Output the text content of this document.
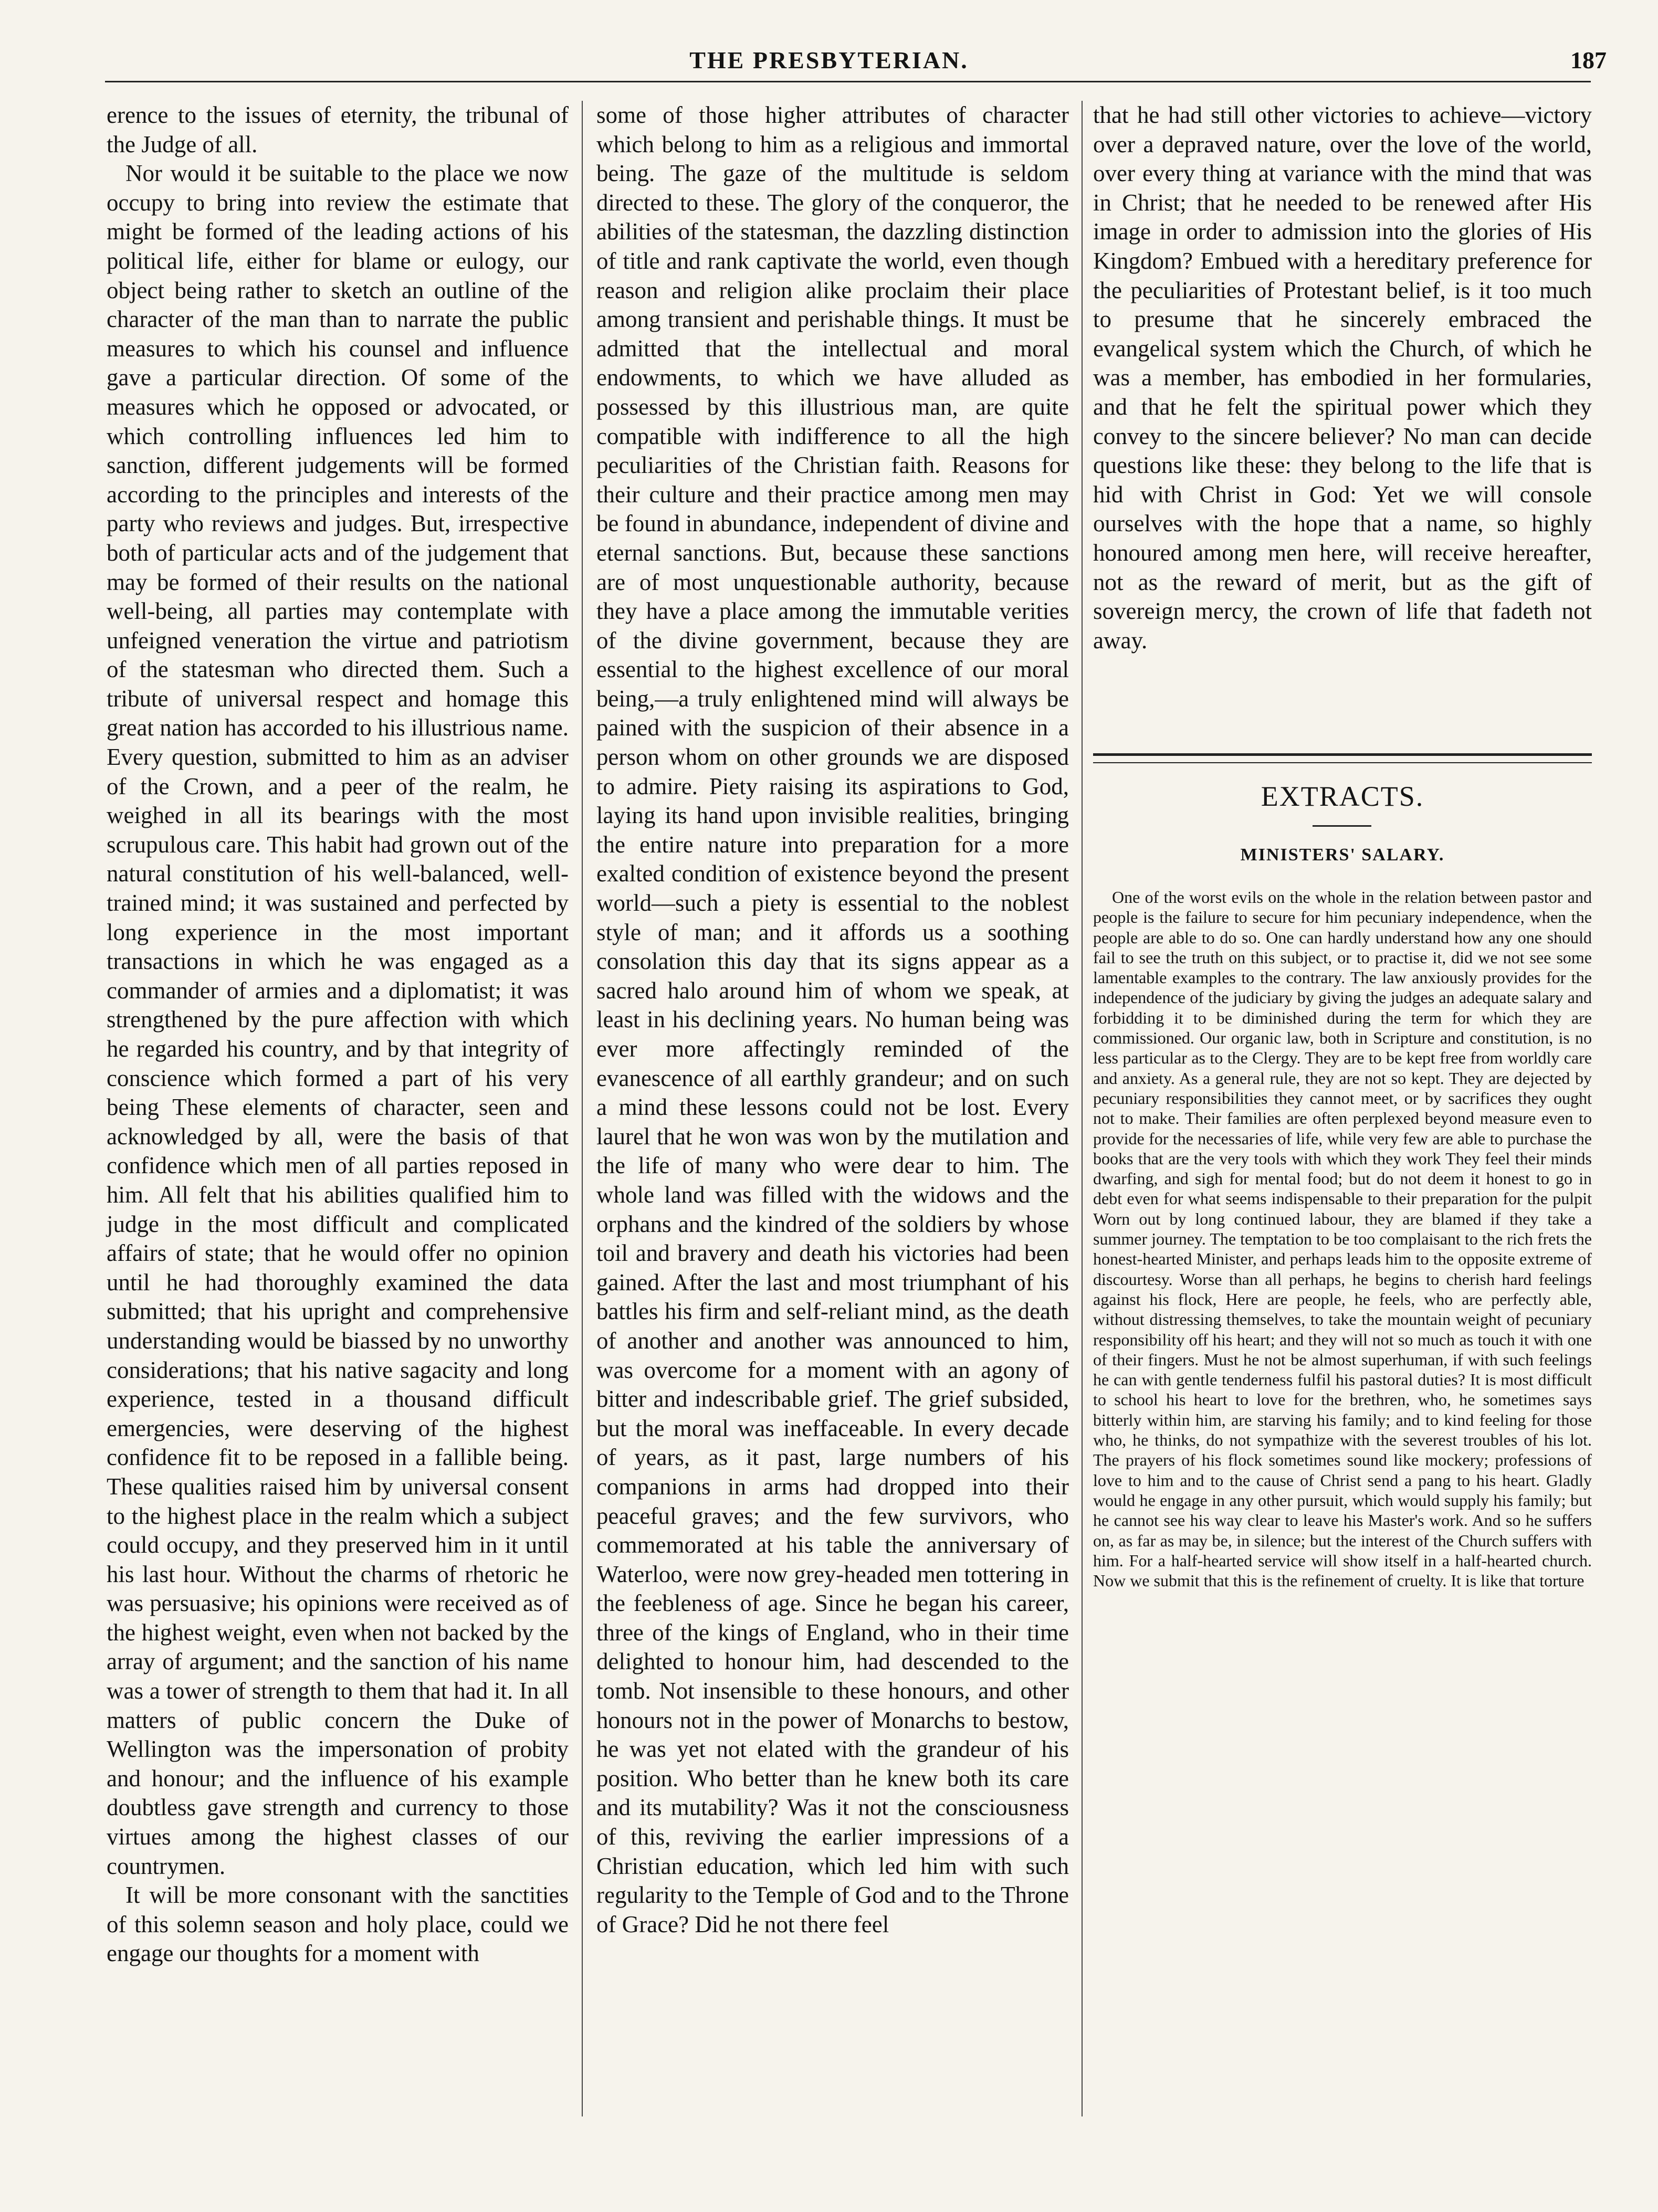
THE PRESBYTERIAN.	187

erence to the issues of eternity, the tribunal of the Judge of all.

Nor would it be suitable to the place we now occupy to bring into review the estimate that might be formed of the leading actions of his political life, either for blame or eulogy, our object being rather to sketch an outline of the character of the man than to narrate the public measures to which his counsel and influence gave a particular direction. Of some of the measures which he opposed or advocated, or which controlling influences led him to sanction, different judgements will be formed according to the principles and interests of the party who reviews and judges. But, irrespective both of particular acts and of the judgement that may be formed of their results on the national well-being, all parties may contemplate with unfeigned veneration the virtue and patriotism of the statesman who directed them. Such a tribute of universal respect and homage this great nation has accorded to his illustrious name. Every question, submitted to him as an adviser of the Crown, and a peer of the realm, he weighed in all its bearings with the most scrupulous care. This habit had grown out of the natural constitution of his well-balanced, well-trained mind; it was sustained and perfected by long experience in the most important transactions in which he was engaged as a commander of armies and a diplomatist; it was strengthened by the pure affection with which he regarded his country, and by that integrity of conscience which formed a part of his very being These elements of character, seen and acknowledged by all, were the basis of that confidence which men of all parties reposed in him. All felt that his abilities qualified him to judge in the most difficult and complicated affairs of state; that he would offer no opinion until he had thoroughly examined the data submitted; that his upright and comprehensive understanding would be biassed by no unworthy considerations; that his native sagacity and long experience, tested in a thousand difficult emergencies, were deserving of the highest confidence fit to be reposed in a fallible being. These qualities raised him by universal consent to the highest place in the realm which a subject could occupy, and they preserved him in it until his last hour. Without the charms of rhetoric he was persuasive; his opinions were received as of the highest weight, even when not backed by the array of argument; and the sanction of his name was a tower of strength to them that had it. In all matters of public concern the Duke of Wellington was the impersonation of probity and honour; and the influence of his example doubtless gave strength and currency to those virtues among the highest classes of our countrymen.

It will be more consonant with the sanctities of this solemn season and holy place, could we engage our thoughts for a moment with

some of those higher attributes of character which belong to him as a religious and immortal being. The gaze of the multitude is seldom directed to these. The glory of the conqueror, the abilities of the statesman, the dazzling distinction of title and rank captivate the world, even though reason and religion alike proclaim their place among transient and perishable things. It must be admitted that the intellectual and moral endowments, to which we have alluded as possessed by this illustrious man, are quite compatible with indifference to all the high peculiarities of the Christian faith. Reasons for their culture and their practice among men may be found in abundance, independent of divine and eternal sanctions. But, because these sanctions are of most unquestionable authority, because they have a place among the immutable verities of the divine government, because they are essential to the highest excellence of our moral being,—a truly enlightened mind will always be pained with the suspicion of their absence in a person whom on other grounds we are disposed to admire. Piety raising its aspirations to God, laying its hand upon invisible realities, bringing the entire nature into preparation for a more exalted condition of existence beyond the present world—such a piety is essential to the noblest style of man; and it affords us a soothing consolation this day that its signs appear as a sacred halo around him of whom we speak, at least in his declining years. No human being was ever more affectingly reminded of the evanescence of all earthly grandeur; and on such a mind these lessons could not be lost. Every laurel that he won was won by the mutilation and the life of many who were dear to him. The whole land was filled with the widows and the orphans and the kindred of the soldiers by whose toil and bravery and death his victories had been gained. After the last and most triumphant of his battles his firm and self-reliant mind, as the death of another and another was announced to him, was overcome for a moment with an agony of bitter and indescribable grief. The grief subsided, but the moral was ineffaceable. In every decade of years, as it past, large numbers of his companions in arms had dropped into their peaceful graves; and the few survivors, who commemorated at his table the anniversary of Waterloo, were now grey-headed men tottering in the feebleness of age. Since he began his career, three of the kings of England, who in their time delighted to honour him, had descended to the tomb. Not insensible to these honours, and other honours not in the power of Monarchs to bestow, he was yet not elated with the grandeur of his position. Who better than he knew both its care and its mutability? Was it not the consciousness of this, reviving the earlier impressions of a Christian education, which led him with such regularity to the Temple of God and to the Throne of Grace? Did he not there feel

that he had still other victories to achieve—victory over a depraved nature, over the love of the world, over every thing at variance with the mind that was in Christ; that he needed to be renewed after His image in order to admission into the glories of His Kingdom? Embued with a hereditary preference for the peculiarities of Protestant belief, is it too much to presume that he sincerely embraced the evangelical system which the Church, of which he was a member, has embodied in her formularies, and that he felt the spiritual power which they convey to the sincere believer? No man can decide questions like these: they belong to the life that is hid with Christ in God: Yet we will console ourselves with the hope that a name, so highly honoured among men here, will receive hereafter, not as the reward of merit, but as the gift of sovereign mercy, the crown of life that fadeth not away.

EXTRACTS.
MINISTERS' SALARY.

One of the worst evils on the whole in the relation between pastor and people is the failure to secure for him pecuniary independence, when the people are able to do so. One can hardly understand how any one should fail to see the truth on this subject, or to practise it, did we not see some lamentable examples to the contrary. The law anxiously provides for the independence of the judiciary by giving the judges an adequate salary and forbidding it to be diminished during the term for which they are commissioned. Our organic law, both in Scripture and constitution, is no less particular as to the Clergy. They are to be kept free from worldly care and anxiety. As a general rule, they are not so kept. They are dejected by pecuniary responsibilities they cannot meet, or by sacrifices they ought not to make. Their families are often perplexed beyond measure even to provide for the necessaries of life, while very few are able to purchase the books that are the very tools with which they work They feel their minds dwarfing, and sigh for mental food; but do not deem it honest to go in debt even for what seems indispensable to their preparation for the pulpit Worn out by long continued labour, they are blamed if they take a summer journey. The temptation to be too complaisant to the rich frets the honest-hearted Minister, and perhaps leads him to the opposite extreme of discourtesy. Worse than all perhaps, he begins to cherish hard feelings against his flock, Here are people, he feels, who are perfectly able, without distressing themselves, to take the mountain weight of pecuniary responsibility off his heart; and they will not so much as touch it with one of their fingers. Must he not be almost superhuman, if with such feelings he can with gentle tenderness fulfil his pastoral duties? It is most difficult to school his heart to love for the brethren, who, he sometimes says bitterly within him, are starving his family; and to kind feeling for those who, he thinks, do not sympathize with the severest troubles of his lot. The prayers of his flock sometimes sound like mockery; professions of love to him and to the cause of Christ send a pang to his heart. Gladly would he engage in any other pursuit, which would supply his family; but he cannot see his way clear to leave his Master's work. And so he suffers on, as far as may be, in silence; but the interest of the Church suffers with him. For a half-hearted service will show itself in a half-hearted church. Now we submit that this is the refinement of cruelty. It is like that torture
